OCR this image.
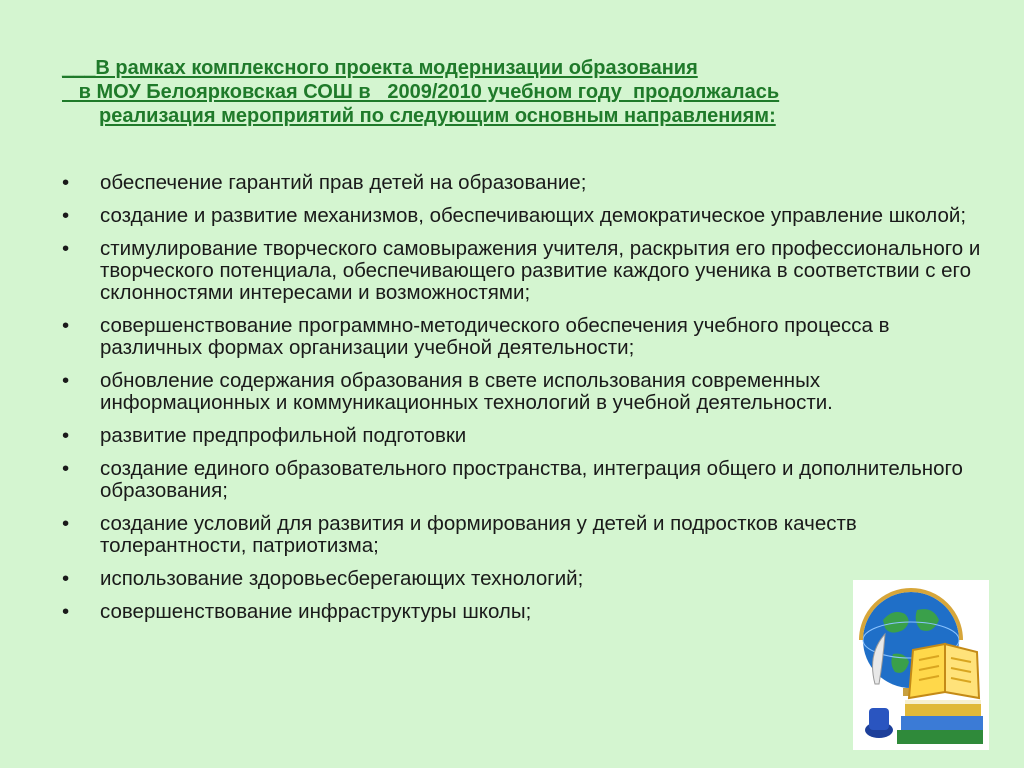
___В рамках комплексного проекта модернизации образования
в МОУ Белоярковская СОШ в   2009/2010 учебном году  продолжалась
реализация мероприятий по следующим основным направлениям:
• обеспечение гарантий прав детей на образование;
• создание и развитие механизмов, обеспечивающих демократическое управление школой;
• стимулирование творческого самовыражения учителя, раскрытия его профессионального и творческого потенциала, обеспечивающего развитие каждого ученика в соответствии с его склонностями интересами и возможностями;
• совершенствование программно-методического обеспечения учебного процесса в различных формах организации учебной деятельности;
• обновление содержания образования в свете использования современных информационных и коммуникационных технологий в учебной деятельности.
• развитие предпрофильной подготовки
• создание единого образовательного пространства, интеграция общего и дополнительного образования;
• создание условий для развития и формирования у детей и подростков качеств толерантности, патриотизма;
• использование здоровьесберегающих технологий;
• совершенствование инфраструктуры школы;
